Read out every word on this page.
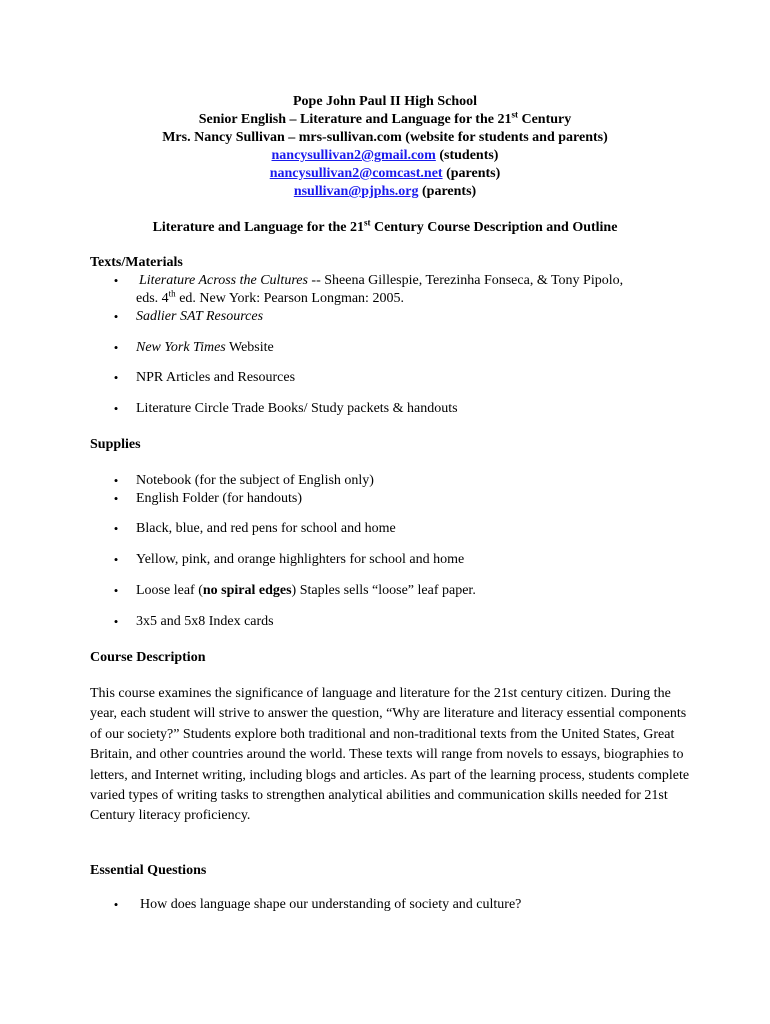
Pope John Paul II High School
Senior English – Literature and Language for the 21st Century
Mrs. Nancy Sullivan – mrs-sullivan.com (website for students and parents)
nancysullivan2@gmail.com (students)
nancysullivan2@comcast.net (parents)
nsullivan@pjphs.org (parents)
Literature and Language for the 21st Century Course Description and Outline
Texts/Materials
• Literature Across the Cultures -- Sheena Gillespie, Terezinha Fonseca, & Tony Pipolo,
eds. 4th ed. New York: Pearson Longman: 2005.
• Sadlier SAT Resources
• New York Times Website
• NPR Articles and Resources
• Literature Circle Trade Books/ Study packets & handouts
Supplies
• Notebook (for the subject of English only)
• English Folder (for handouts)
• Black, blue, and red pens for school and home
• Yellow, pink, and orange highlighters for school and home
• Loose leaf (no spiral edges) Staples sells “loose” leaf paper.
• 3x5 and 5x8 Index cards
Course Description
This course examines the significance of language and literature for the 21st century citizen. During the year, each student will strive to answer the question, “Why are literature and literacy essential components of our society?” Students explore both traditional and non-traditional texts from the United States, Great Britain, and other countries around the world. These texts will range from novels to essays, biographies to letters, and Internet writing, including blogs and articles. As part of the learning process, students complete varied types of writing tasks to strengthen analytical abilities and communication skills needed for 21st Century literacy proficiency.
Essential Questions
• How does language shape our understanding of society and culture?
